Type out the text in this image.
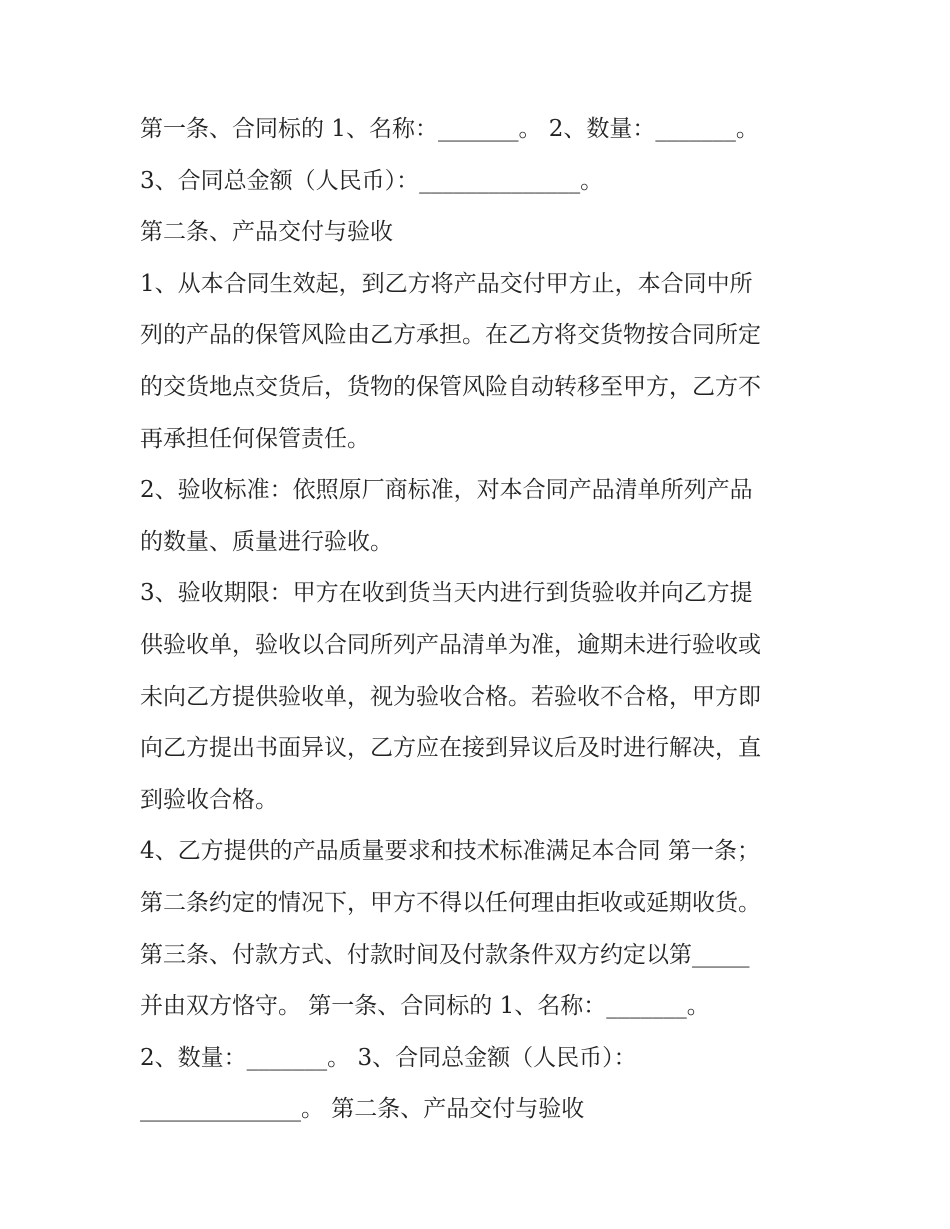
第一条、合同标的 1、名称：_______。 2、数量：_______。
3、合同总金额（人民币）：______________。
第二条、产品交付与验收
1、从本合同生效起，到乙方将产品交付甲方止，本合同中所
列的产品的保管风险由乙方承担。在乙方将交货物按合同所定
的交货地点交货后，货物的保管风险自动转移至甲方，乙方不
再承担任何保管责任。
2、验收标准：依照原厂商标准，对本合同产品清单所列产品
的数量、质量进行验收。
3、验收期限：甲方在收到货当天内进行到货验收并向乙方提
供验收单，验收以合同所列产品清单为准，逾期未进行验收或
未向乙方提供验收单，视为验收合格。若验收不合格，甲方即
向乙方提出书面异议，乙方应在接到异议后及时进行解决，直
到验收合格。
4、乙方提供的产品质量要求和技术标准满足本合同 第一条；
第二条约定的情况下，甲方不得以任何理由拒收或延期收货。
第三条、付款方式、付款时间及付款条件双方约定以第_____
并由双方恪守。 第一条、合同标的 1、名称：_______。
2、数量：_______。 3、合同总金额（人民币）：
______________。 第二条、产品交付与验收
